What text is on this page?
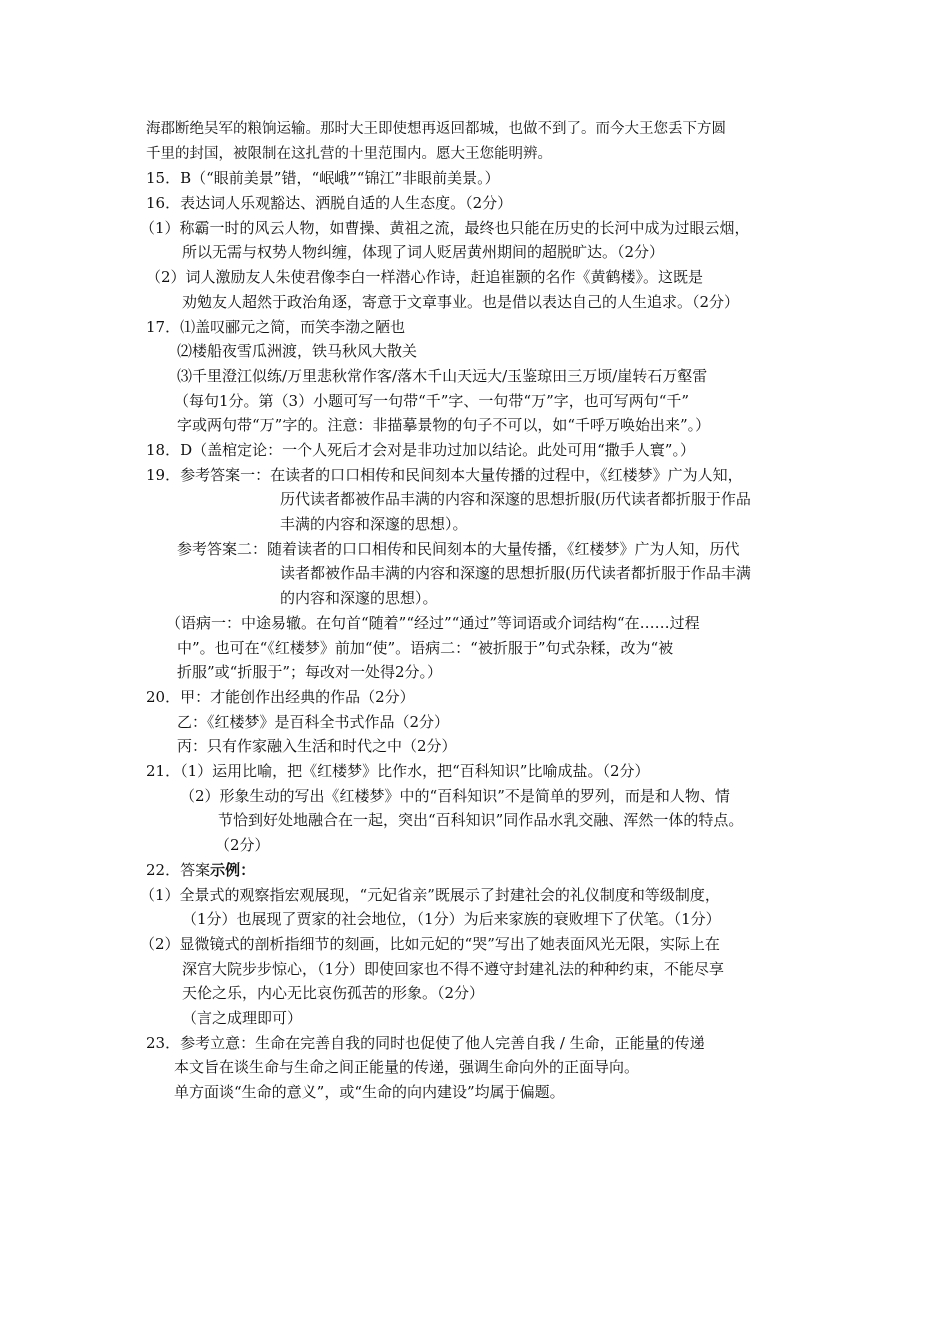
海郡断绝吴军的粮饷运输。那时大王即使想再返回都城，也做不到了。而今大王您丢下方圆
千里的封国，被限制在这扎营的十里范围内。愿大王您能明辨。
15．B（“眼前美景”错，“岷峨”“锦江”非眼前美景。）
16．表达词人乐观豁达、洒脱自适的人生态度。（2分）
（1）称霸一时的风云人物，如曹操、黄祖之流，最终也只能在历史的长河中成为过眼云烟，
所以无需与权势人物纠缠，体现了词人贬居黄州期间的超脱旷达。（2分）
（2）词人激励友人朱使君像李白一样潜心作诗，赶追崔颢的名作《黄鹤楼》。这既是
劝勉友人超然于政治角逐，寄意于文章事业。也是借以表达自己的人生追求。（2分）
17．⑴盖叹郦元之简，而笑李渤之陋也
⑵楼船夜雪瓜洲渡，铁马秋风大散关
⑶千里澄江似练/万里悲秋常作客/落木千山天远大/玉鉴琼田三万顷/崖转石万壑雷
（每句1分。第（3）小题可写一句带“千”字、一句带“万”字，也可写两句“千”
字或两句带“万”字的。注意：非描摹景物的句子不可以，如“千呼万唤始出来”。）
18．D（盖棺定论：一个人死后才会对是非功过加以结论。此处可用“撒手人寰”。）
19．参考答案一：在读者的口口相传和民间刻本大量传播的过程中，《红楼梦》广为人知，
历代读者都被作品丰满的内容和深邃的思想折服(历代读者都折服于作品
丰满的内容和深邃的思想）。
参考答案二：随着读者的口口相传和民间刻本的大量传播，《红楼梦》广为人知，历代
读者都被作品丰满的内容和深邃的思想折服(历代读者都折服于作品丰满
的内容和深邃的思想）。
（语病一：中途易辙。在句首“随着”“经过”“通过”等词语或介词结构“在……过程
中”。也可在“《红楼梦》前加“使”。语病二：“被折服于”句式杂糅，改为“被
折服”或“折服于”；每改对一处得2分。）
20．甲：才能创作出经典的作品（2分）
乙：《红楼梦》是百科全书式作品（2分）
丙：只有作家融入生活和时代之中（2分）
21．（1）运用比喻，把《红楼梦》比作水，把“百科知识”比喻成盐。（2分）
（2）形象生动的写出《红楼梦》中的“百科知识”不是简单的罗列，而是和人物、情
节恰到好处地融合在一起，突出“百科知识”同作品水乳交融、浑然一体的特点。
（2分）
22．答案示例：
（1）全景式的观察指宏观展现，“元妃省亲”既展示了封建社会的礼仪制度和等级制度，
（1分）也展现了贾家的社会地位，（1分）为后来家族的衰败埋下了伏笔。（1分）
（2）显微镜式的剖析指细节的刻画，比如元妃的“哭”写出了她表面风光无限，实际上在
深宫大院步步惊心，（1分）即使回家也不得不遵守封建礼法的种种约束，不能尽享
天伦之乐，内心无比哀伤孤苦的形象。（2分）
（言之成理即可）
23．参考立意：生命在完善自我的同时也促使了他人完善自我 / 生命，正能量的传递
本文旨在谈生命与生命之间正能量的传递，强调生命向外的正面导向。
单方面谈“生命的意义”，或“生命的向内建设”均属于偏题。
